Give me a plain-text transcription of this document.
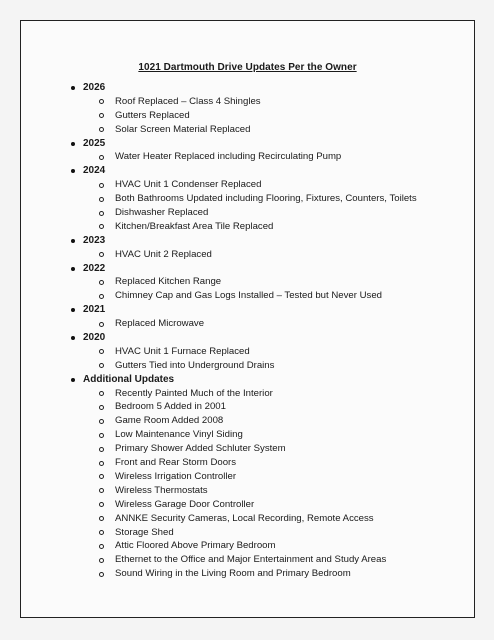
1021 Dartmouth Drive Updates Per the Owner
2026
Roof Replaced – Class 4 Shingles
Gutters Replaced
Solar Screen Material Replaced
2025
Water Heater Replaced including Recirculating Pump
2024
HVAC Unit 1 Condenser Replaced
Both Bathrooms Updated including Flooring, Fixtures, Counters, Toilets
Dishwasher Replaced
Kitchen/Breakfast Area Tile Replaced
2023
HVAC Unit 2 Replaced
2022
Replaced Kitchen Range
Chimney Cap and Gas Logs Installed – Tested but Never Used
2021
Replaced Microwave
2020
HVAC Unit 1 Furnace Replaced
Gutters Tied into Underground Drains
Additional Updates
Recently Painted Much of the Interior
Bedroom 5 Added in 2001
Game Room Added 2008
Low Maintenance Vinyl Siding
Primary Shower Added Schluter System
Front and Rear Storm Doors
Wireless Irrigation Controller
Wireless Thermostats
Wireless Garage Door Controller
ANNKE Security Cameras, Local Recording, Remote Access
Storage Shed
Attic Floored Above Primary Bedroom
Ethernet to the Office and Major Entertainment and Study Areas
Sound Wiring in the Living Room and Primary Bedroom
